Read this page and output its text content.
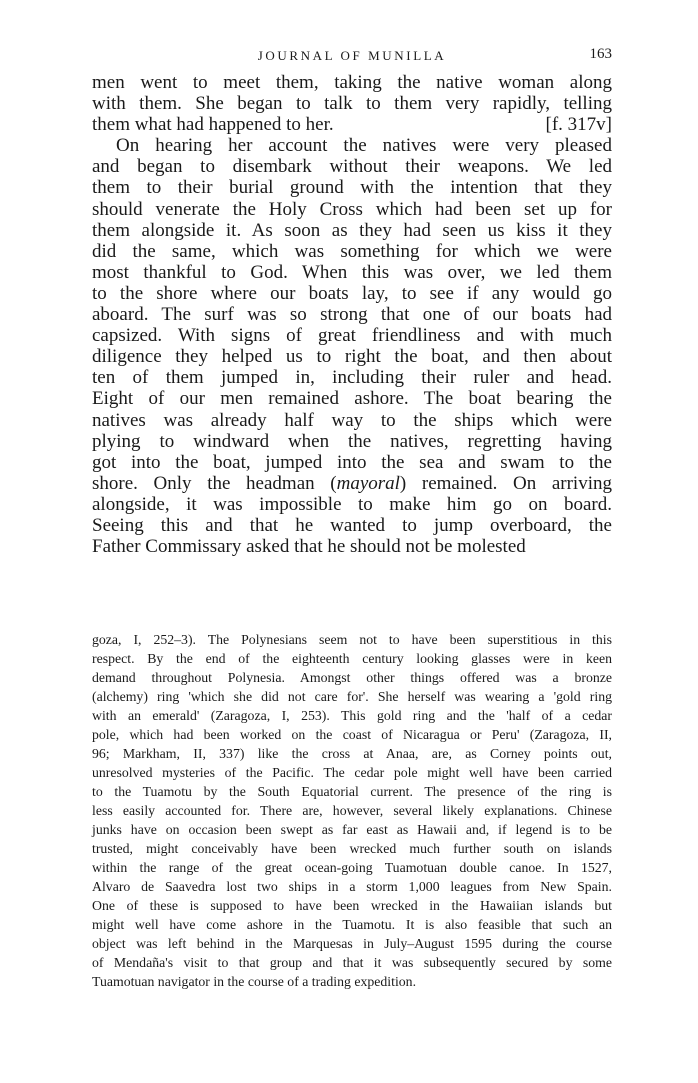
JOURNAL OF MUNILLA	163
men went to meet them, taking the native woman along
with them. She began to talk to them very rapidly, telling
them what had happened to her.	[f. 317v]
On hearing her account the natives were very pleased
and began to disembark without their weapons. We led
them to their burial ground with the intention that they
should venerate the Holy Cross which had been set up for
them alongside it. As soon as they had seen us kiss it they
did the same, which was something for which we were
most thankful to God. When this was over, we led them
to the shore where our boats lay, to see if any would go
aboard. The surf was so strong that one of our boats had
capsized. With signs of great friendliness and with much
diligence they helped us to right the boat, and then about
ten of them jumped in, including their ruler and head.
Eight of our men remained ashore. The boat bearing the
natives was already half way to the ships which were
plying to windward when the natives, regretting having
got into the boat, jumped into the sea and swam to the
shore. Only the headman (mayoral) remained. On arriving
alongside, it was impossible to make him go on board.
Seeing this and that he wanted to jump overboard, the
Father Commissary asked that he should not be molested
goza, I, 252–3). The Polynesians seem not to have been superstitious in this
respect. By the end of the eighteenth century looking glasses were in keen
demand throughout Polynesia. Amongst other things offered was a bronze
(alchemy) ring 'which she did not care for'. She herself was wearing a 'gold ring
with an emerald' (Zaragoza, I, 253). This gold ring and the 'half of a cedar
pole, which had been worked on the coast of Nicaragua or Peru' (Zaragoza, II,
96; Markham, II, 337) like the cross at Anaa, are, as Corney points out,
unresolved mysteries of the Pacific. The cedar pole might well have been carried
to the Tuamotu by the South Equatorial current. The presence of the ring is
less easily accounted for. There are, however, several likely explanations. Chinese
junks have on occasion been swept as far east as Hawaii and, if legend is to be
trusted, might conceivably have been wrecked much further south on islands
within the range of the great ocean-going Tuamotuan double canoe. In 1527,
Alvaro de Saavedra lost two ships in a storm 1,000 leagues from New Spain.
One of these is supposed to have been wrecked in the Hawaiian islands but
might well have come ashore in the Tuamotu. It is also feasible that such an
object was left behind in the Marquesas in July–August 1595 during the course
of Mendaña's visit to that group and that it was subsequently secured by some
Tuamotuan navigator in the course of a trading expedition.
